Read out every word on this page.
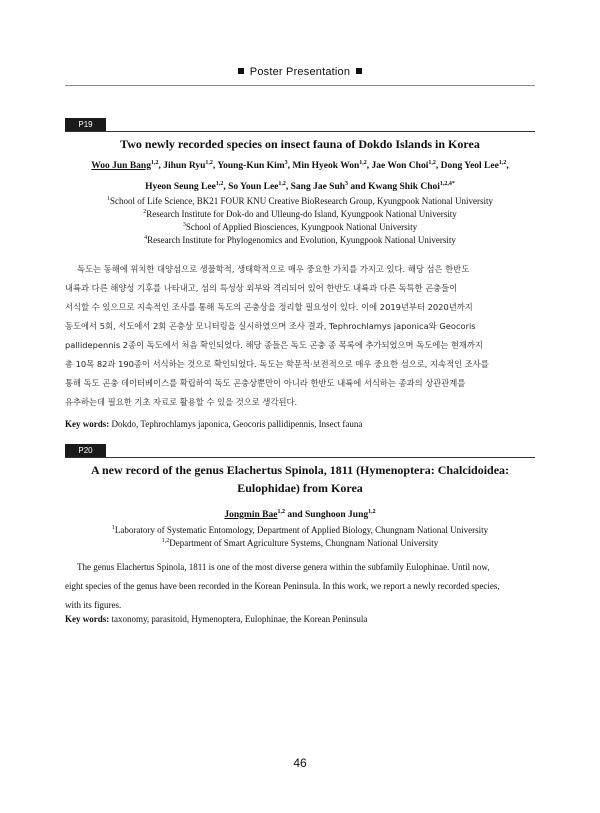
Poster Presentation
P19
Two newly recorded species on insect fauna of Dokdo Islands in Korea
Woo Jun Bang$^{1,2}$, Jihun Ryu$^{1,2}$, Young-Kun Kim$^3$, Min Hyeok Won$^{1,2}$, Jae Won Choi$^{1,2}$, Dong Yeol Lee$^{1,2}$,
Hyeon Seung Lee$^{1,2}$, So Youn Lee$^{1,2}$, Sang Jae Suh$^3$ and Kwang Shik Choi$^{1,2,4*}$
$^1$School of Life Science, BK21 FOUR KNU Creative BioResearch Group, Kyungpook National University
$^2$Research Institute for Dok-do and Ulleung-do Island, Kyungpook National University
$^3$School of Applied Biosciences, Kyungpook National University
$^4$Research Institute for Phylogenomics and Evolution, Kyungpook National University
독도는 동해에 위치한 대양섬으로 생물학적, 생태학적으로 매우 중요한 가치를 가지고 있다. 해당 섬은 한반도
내륙과 다른 해양성 기후를 나타내고, 섬의 특성상 외부와 격리되어 있어 한반도 내륙과 다른 독특한 곤충들이
서식할 수 있으므로 지속적인 조사를 통해 독도의 곤충상을 정리할 필요성이 있다. 이에 2019년부터 2020년까지
동도에서 5회, 서도에서 2회 곤충상 모니터링을 실시하였으며 조사 결과, Tephrochlamys japonica와 Geocoris
pallidepennis 2종이 독도에서 처음 확인되었다. 해당 종들은 독도 곤충 종 목록에 추가되었으며 독도에는 현재까지
총 10목 82과 190종이 서식하는 것으로 확인되었다. 독도는 학문적·보전적으로 매우 중요한 섬으로, 지속적인 조사를
통해 독도 곤충 데이터베이스를 확립하여 독도 곤충상뿐만이 아니라 한반도 내륙에 서식하는 종과의 상관관계를
유추하는데 필요한 기초 자료로 활용할 수 있을 것으로 생각된다.
Key words: Dokdo, Tephrochlamys japonica, Geocoris pallidipennis, Insect fauna
P20
A new record of the genus Elachertus Spinola, 1811 (Hymenoptera: Chalcidoidea:
Eulophidae) from Korea
Jongmin Bae$^{1,2}$ and Sunghoon Jung$^{1,2}$
$^1$Laboratory of Systematic Entomology, Department of Applied Biology, Chungnam National University
$^{1,2}$Department of Smart Agriculture Systems, Chungnam National University
The genus Elachertus Spinola, 1811 is one of the most diverse genera within the subfamily Eulophinae. Until now,
eight species of the genus have been recorded in the Korean Peninsula. In this work, we report a newly recorded species,
with its figures.
Key words: taxonomy, parasitoid, Hymenoptera, Eulophinae, the Korean Peninsula
46
